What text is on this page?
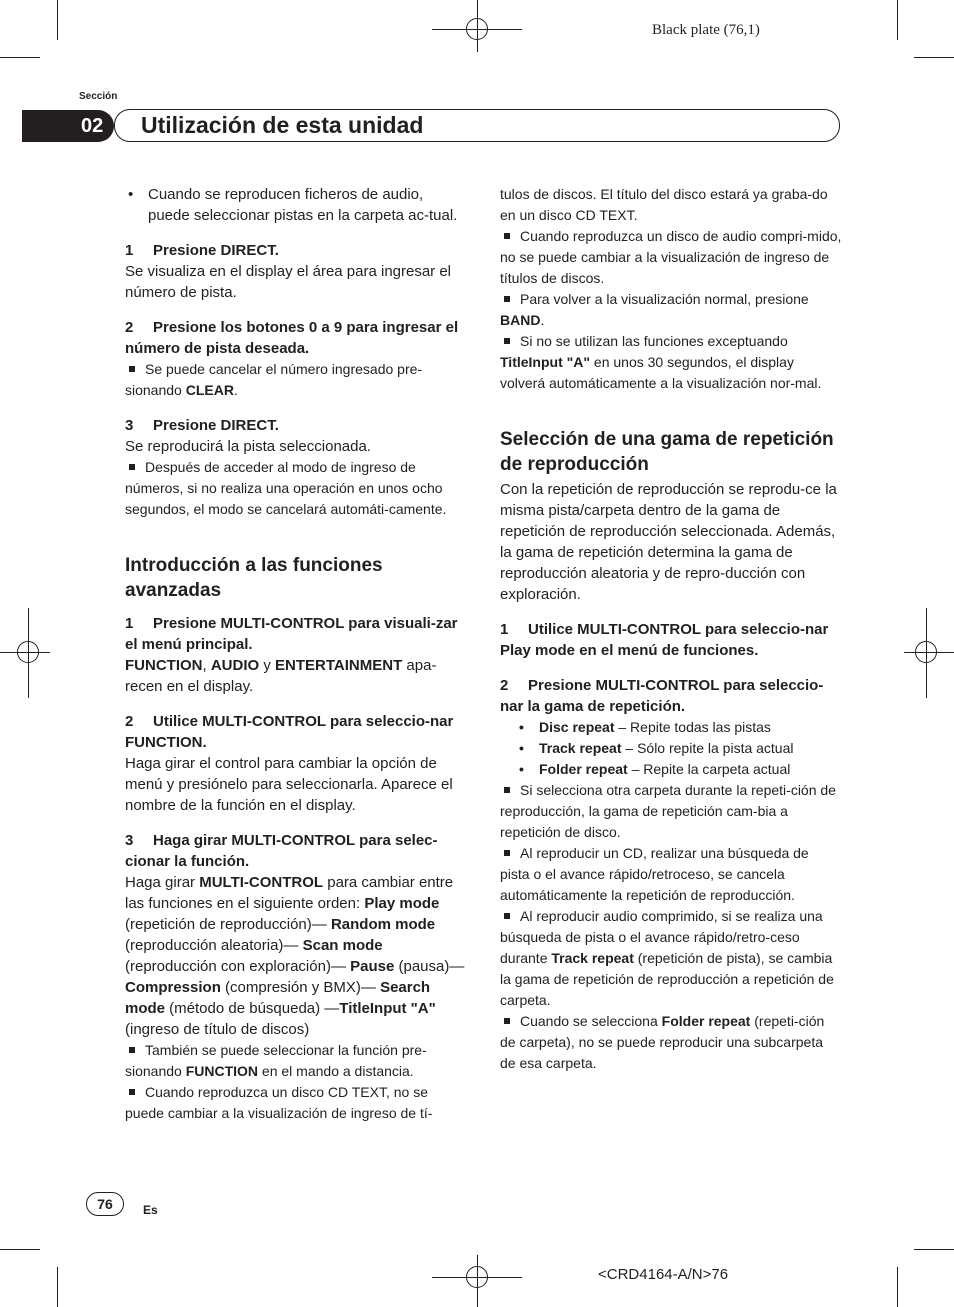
Black plate (76,1)
Sección
02	Utilización de esta unidad

• Cuando se reproducen ficheros de audio, puede seleccionar pistas en la carpeta ac-tual.

1 Presione DIRECT.

Se visualiza en el display el área para ingresar el número de pista.

2 Presione los botones 0 a 9 para ingresar el número de pista deseada.

Se puede cancelar el número ingresado pre-sionando CLEAR.

3 Presione DIRECT.

Se reproducirá la pista seleccionada.

Después de acceder al modo de ingreso de números, si no realiza una operación en unos ocho segundos, el modo se cancelará automáti-camente.

Introducción a las funciones avanzadas

1 Presione MULTI-CONTROL para visuali-zar el menú principal.

FUNCTION, AUDIO y ENTERTAINMENT apa-recen en el display.

2 Utilice MULTI-CONTROL para seleccio-nar FUNCTION.

Haga girar el control para cambiar la opción de menú y presiónelo para seleccionarla. Aparece el nombre de la función en el display.

3 Haga girar MULTI-CONTROL para selec-cionar la función.

Haga girar MULTI-CONTROL para cambiar entre las funciones en el siguiente orden: Play mode (repetición de reproducción)— Random mode (reproducción aleatoria)— Scan mode (reproducción con exploración)— Pause (pausa)—Compression (compresión y BMX)— Search mode (método de búsqueda) —TitleInput "A" (ingreso de título de discos)

También se puede seleccionar la función pre-sionando FUNCTION en el mando a distancia.

Cuando reproduzca un disco CD TEXT, no se puede cambiar a la visualización de ingreso de tí-

tulos de discos. El título del disco estará ya graba-do en un disco CD TEXT.

Cuando reproduzca un disco de audio compri-mido, no se puede cambiar a la visualización de ingreso de títulos de discos.

Para volver a la visualización normal, presione BAND.

Si no se utilizan las funciones exceptuando TitleInput "A" en unos 30 segundos, el display volverá automáticamente a la visualización nor-mal.

Selección de una gama de repetición de reproducción

Con la repetición de reproducción se reprodu-ce la misma pista/carpeta dentro de la gama de repetición de reproducción seleccionada. Además, la gama de repetición determina la gama de reproducción aleatoria y de repro-ducción con exploración.

1 Utilice MULTI-CONTROL para seleccio-nar Play mode en el menú de funciones.

2 Presione MULTI-CONTROL para seleccio-nar la gama de repetición.

• Disc repeat – Repite todas las pistas

• Track repeat – Sólo repite la pista actual

• Folder repeat – Repite la carpeta actual

Si selecciona otra carpeta durante la repeti-ción de reproducción, la gama de repetición cam-bia a repetición de disco.

Al reproducir un CD, realizar una búsqueda de pista o el avance rápido/retroceso, se cancela automáticamente la repetición de reproducción.

Al reproducir audio comprimido, si se realiza una búsqueda de pista o el avance rápido/retro-ceso durante Track repeat (repetición de pista), se cambia la gama de repetición de reproducción a repetición de carpeta.

Cuando se selecciona Folder repeat (repeti-ción de carpeta), no se puede reproducir una subcarpeta de esa carpeta.

76	Es
<CRD4164-A/N>76
